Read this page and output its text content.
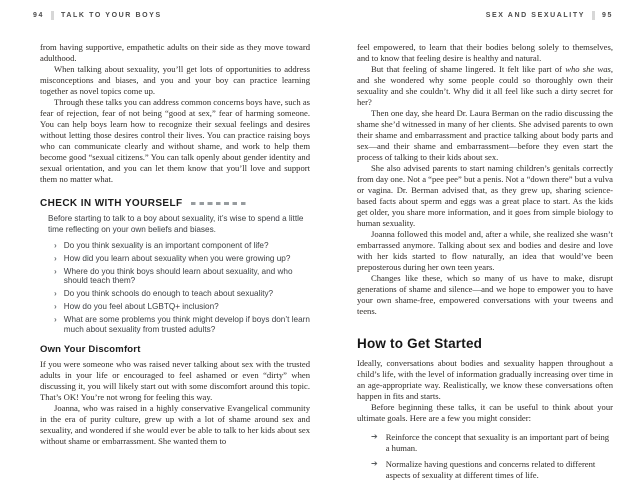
94 TALK TO YOUR BOYS

from having supportive, empathetic adults on their side as they move toward adulthood.

When talking about sexuality, you’ll get lots of opportunities to address misconceptions and biases, and you and your boy can practice learning together as novel topics come up.

Through these talks you can address common concerns boys have, such as fear of rejection, fear of not being “good at sex,” fear of harming someone. You can help boys learn how to recognize their sexual feelings and desires without letting those desires control their lives. You can practice raising boys who can communicate clearly and without shame, and work to help them become good “sexual citizens.” You can talk openly about gender identity and sexual orientation, and you can let them know that you’ll love and support them no matter what.

CHECK IN WITH YOURSELF

Before starting to talk to a boy about sexuality, it’s wise to spend a little time reflecting on your own beliefs and biases.

› Do you think sexuality is an important component of life?
› How did you learn about sexuality when you were growing up?
› Where do you think boys should learn about sexuality, and who should teach them?
› Do you think schools do enough to teach about sexuality?
› How do you feel about LGBTQ+ inclusion?
› What are some problems you think might develop if boys don’t learn much about sexuality from trusted adults?
Own Your Discomfort

If you were someone who was raised never talking about sex with the trusted adults in your life or encouraged to feel ashamed or even “dirty” when discussing it, you will likely start out with some discomfort around this topic. That’s OK! You’re not wrong for feeling this way.

Joanna, who was raised in a highly conservative Evangelical community in the era of purity culture, grew up with a lot of shame around sex and sexuality, and wondered if she would ever be able to talk to her kids about sex without shame or embarrassment. She wanted them to

SEX AND SEXUALITY 95

feel empowered, to learn that their bodies belong solely to themselves, and to know that feeling desire is healthy and natural.

But that feeling of shame lingered. It felt like part of who she was, and she wondered why some people could so thoroughly own their sexuality and she couldn’t. Why did it all feel like such a dirty secret for her?

Then one day, she heard Dr. Laura Berman on the radio discussing the shame she’d witnessed in many of her clients. She advised parents to own their shame and embarrassment and practice talking about body parts and sex—and their shame and embarrassment—before they even start the process of talking to their kids about sex.

She also advised parents to start naming children’s genitals correctly from day one. Not a “pee pee” but a penis. Not a “down there” but a vulva or vagina. Dr. Berman advised that, as they grew up, sharing science-based facts about sperm and eggs was a great place to start. As the kids get older, you share more information, and it goes from simple biology to human sexuality.

Joanna followed this model and, after a while, she realized she wasn’t embarrassed anymore. Talking about sex and bodies and desire and love with her kids started to flow naturally, an idea that would’ve been preposterous during her own teen years.

Changes like these, which so many of us have to make, disrupt generations of shame and silence—and we hope to empower you to have your own shame-free, empowered conversations with your tweens and teens.

How to Get Started

Ideally, conversations about bodies and sexuality happen throughout a child’s life, with the level of information gradually increasing over time in an age-appropriate way. Realistically, we know these conversations often happen in fits and starts.

Before beginning these talks, it can be useful to think about your ultimate goals. Here are a few you might consider:

➔ Reinforce the concept that sexuality is an important part of being a human.
➔ Normalize having questions and concerns related to different aspects of sexuality at different times of life.
